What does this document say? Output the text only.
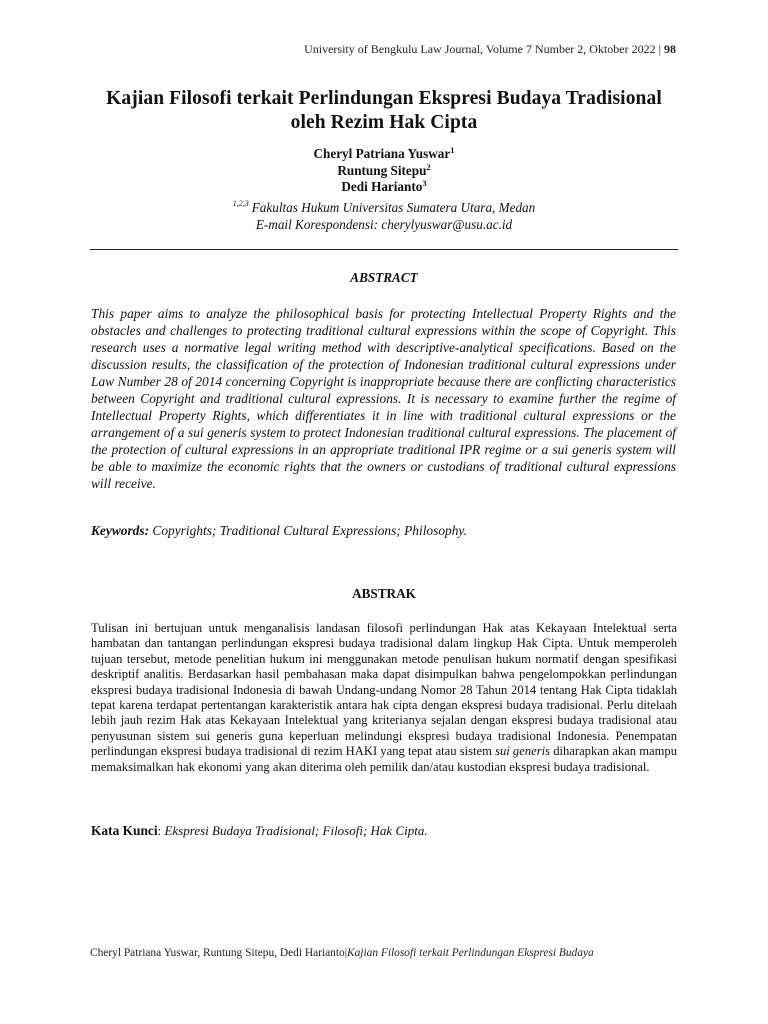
University of Bengkulu Law Journal, Volume 7 Number 2, Oktober 2022 | 98
Kajian Filosofi terkait Perlindungan Ekspresi Budaya Tradisional
oleh Rezim Hak Cipta
Cheryl Patriana Yuswar$^1$
Runtung Sitepu$^2$
Dedi Harianto$^3$
$^{1,2,3}$ Fakultas Hukum Universitas Sumatera Utara, Medan
E-mail Korespondensi: cherylyuswar@usu.ac.id
ABSTRACT

This paper aims to analyze the philosophical basis for protecting Intellectual Property Rights and the obstacles and challenges to protecting traditional cultural expressions within the scope of Copyright. This research uses a normative legal writing method with descriptive-analytical specifications. Based on the discussion results, the classification of the protection of Indonesian traditional cultural expressions under Law Number 28 of 2014 concerning Copyright is inappropriate because there are conflicting characteristics between Copyright and traditional cultural expressions. It is necessary to examine further the regime of Intellectual Property Rights, which differentiates it in line with traditional cultural expressions or the arrangement of a sui generis system to protect Indonesian traditional cultural expressions. The placement of the protection of cultural expressions in an appropriate traditional IPR regime or a sui generis system will be able to maximize the economic rights that the owners or custodians of traditional cultural expressions will receive.

Keywords: Copyrights; Traditional Cultural Expressions; Philosophy.
ABSTRAK

Tulisan ini bertujuan untuk menganalisis landasan filosofi perlindungan Hak atas Kekayaan Intelektual serta hambatan dan tantangan perlindungan ekspresi budaya tradisional dalam lingkup Hak Cipta. Untuk memperoleh tujuan tersebut, metode penelitian hukum ini menggunakan metode penulisan hukum normatif dengan spesifikasi deskriptif analitis. Berdasarkan hasil pembahasan maka dapat disimpulkan bahwa pengelompokkan perlindungan ekspresi budaya tradisional Indonesia di bawah Undang-undang Nomor 28 Tahun 2014 tentang Hak Cipta tidaklah tepat karena terdapat pertentangan karakteristik antara hak cipta dengan ekspresi budaya tradisional. Perlu ditelaah lebih jauh rezim Hak atas Kekayaan Intelektual yang kriterianya sejalan dengan ekspresi budaya tradisional atau penyusunan sistem sui generis guna keperluan melindungi ekspresi budaya tradisional Indonesia. Penempatan perlindungan ekspresi budaya tradisional di rezim HAKI yang tepat atau sistem sui generis diharapkan akan mampu memaksimalkan hak ekonomi yang akan diterima oleh pemilik dan/atau kustodian ekspresi budaya tradisional.

Kata Kunci: Ekspresi Budaya Tradisional; Filosofi; Hak Cipta.
Cheryl Patriana Yuswar, Runtung Sitepu, Dedi Harianto|Kajian Filosofi terkait Perlindungan Ekspresi Budaya
